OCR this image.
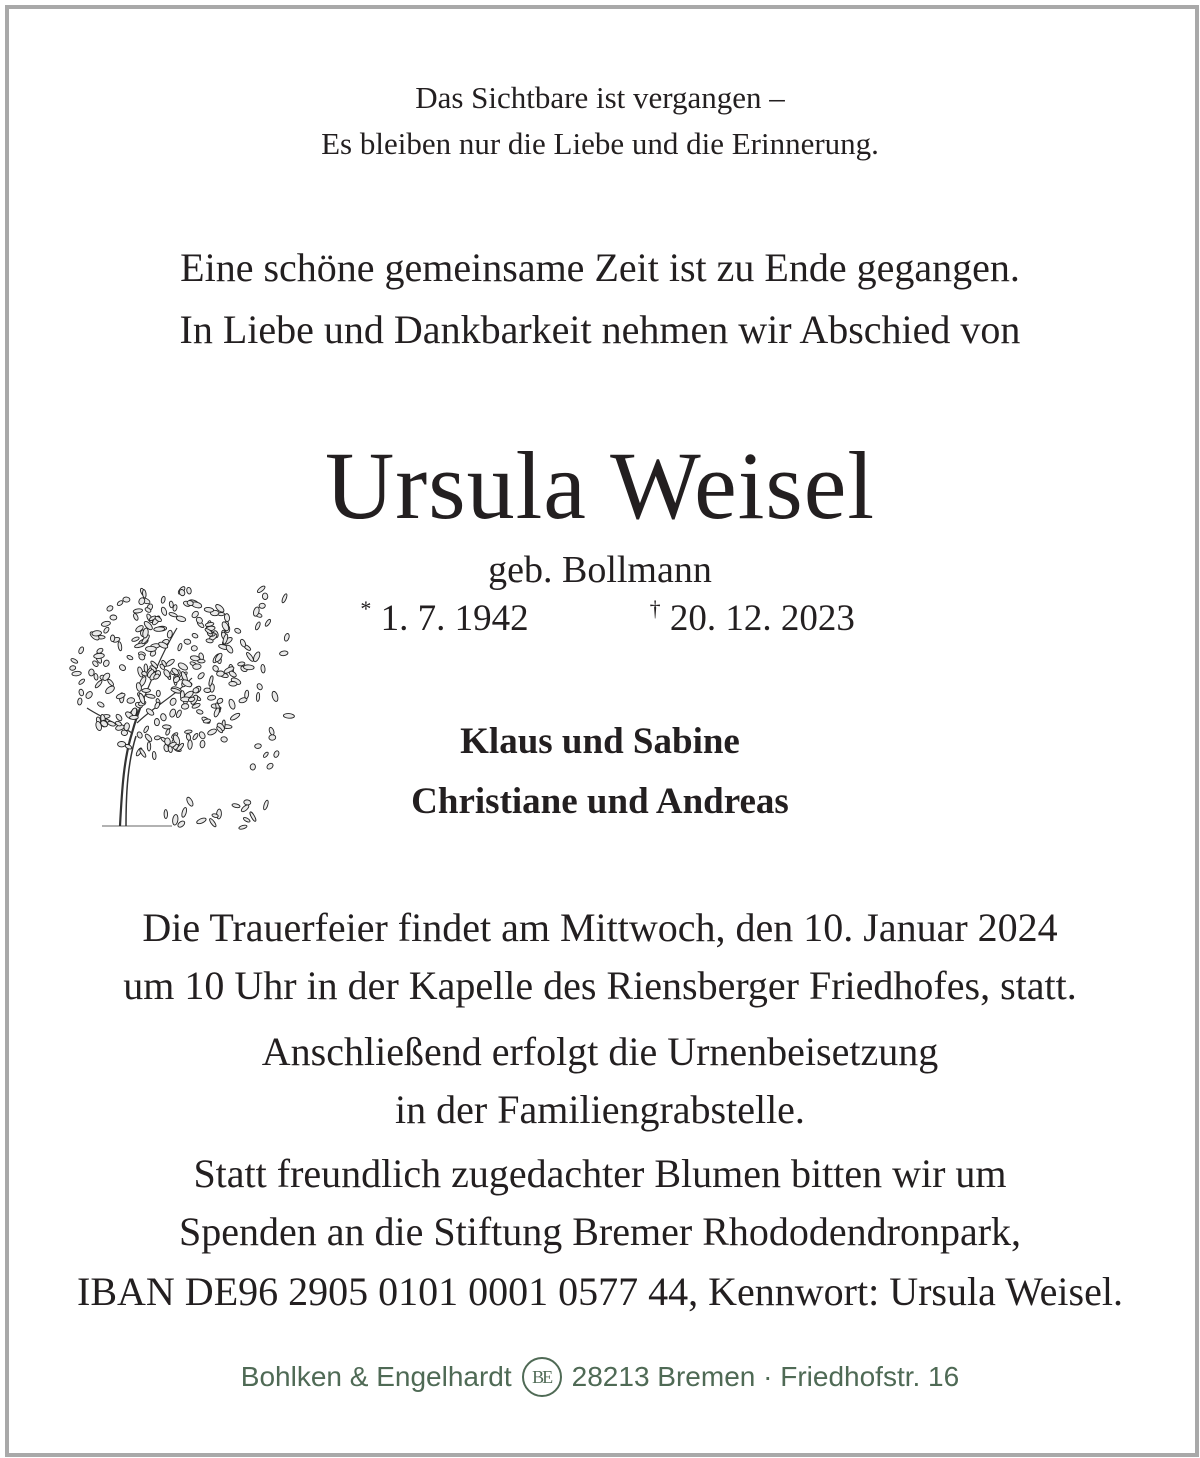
Das Sichtbare ist vergangen –
Es bleiben nur die Liebe und die Erinnerung.
Eine schöne gemeinsame Zeit ist zu Ende gegangen.
In Liebe und Dankbarkeit nehmen wir Abschied von
Ursula Weisel
geb. Bollmann
* 1. 7. 1942	† 20. 12. 2023
Klaus und Sabine
Christiane und Andreas
Die Trauerfeier findet am Mittwoch, den 10. Januar 2024
um 10 Uhr in der Kapelle des Riensberger Friedhofes, statt.
Anschließend erfolgt die Urnenbeisetzung
in der Familiengrabstelle.
Statt freundlich zugedachter Blumen bitten wir um
Spenden an die Stiftung Bremer Rhododendronpark,
IBAN DE96 2905 0101 0001 0577 44, Kennwort: Ursula Weisel.
Bohlken & Engelhardt BE 28213 Bremen · Friedhofstr. 16
